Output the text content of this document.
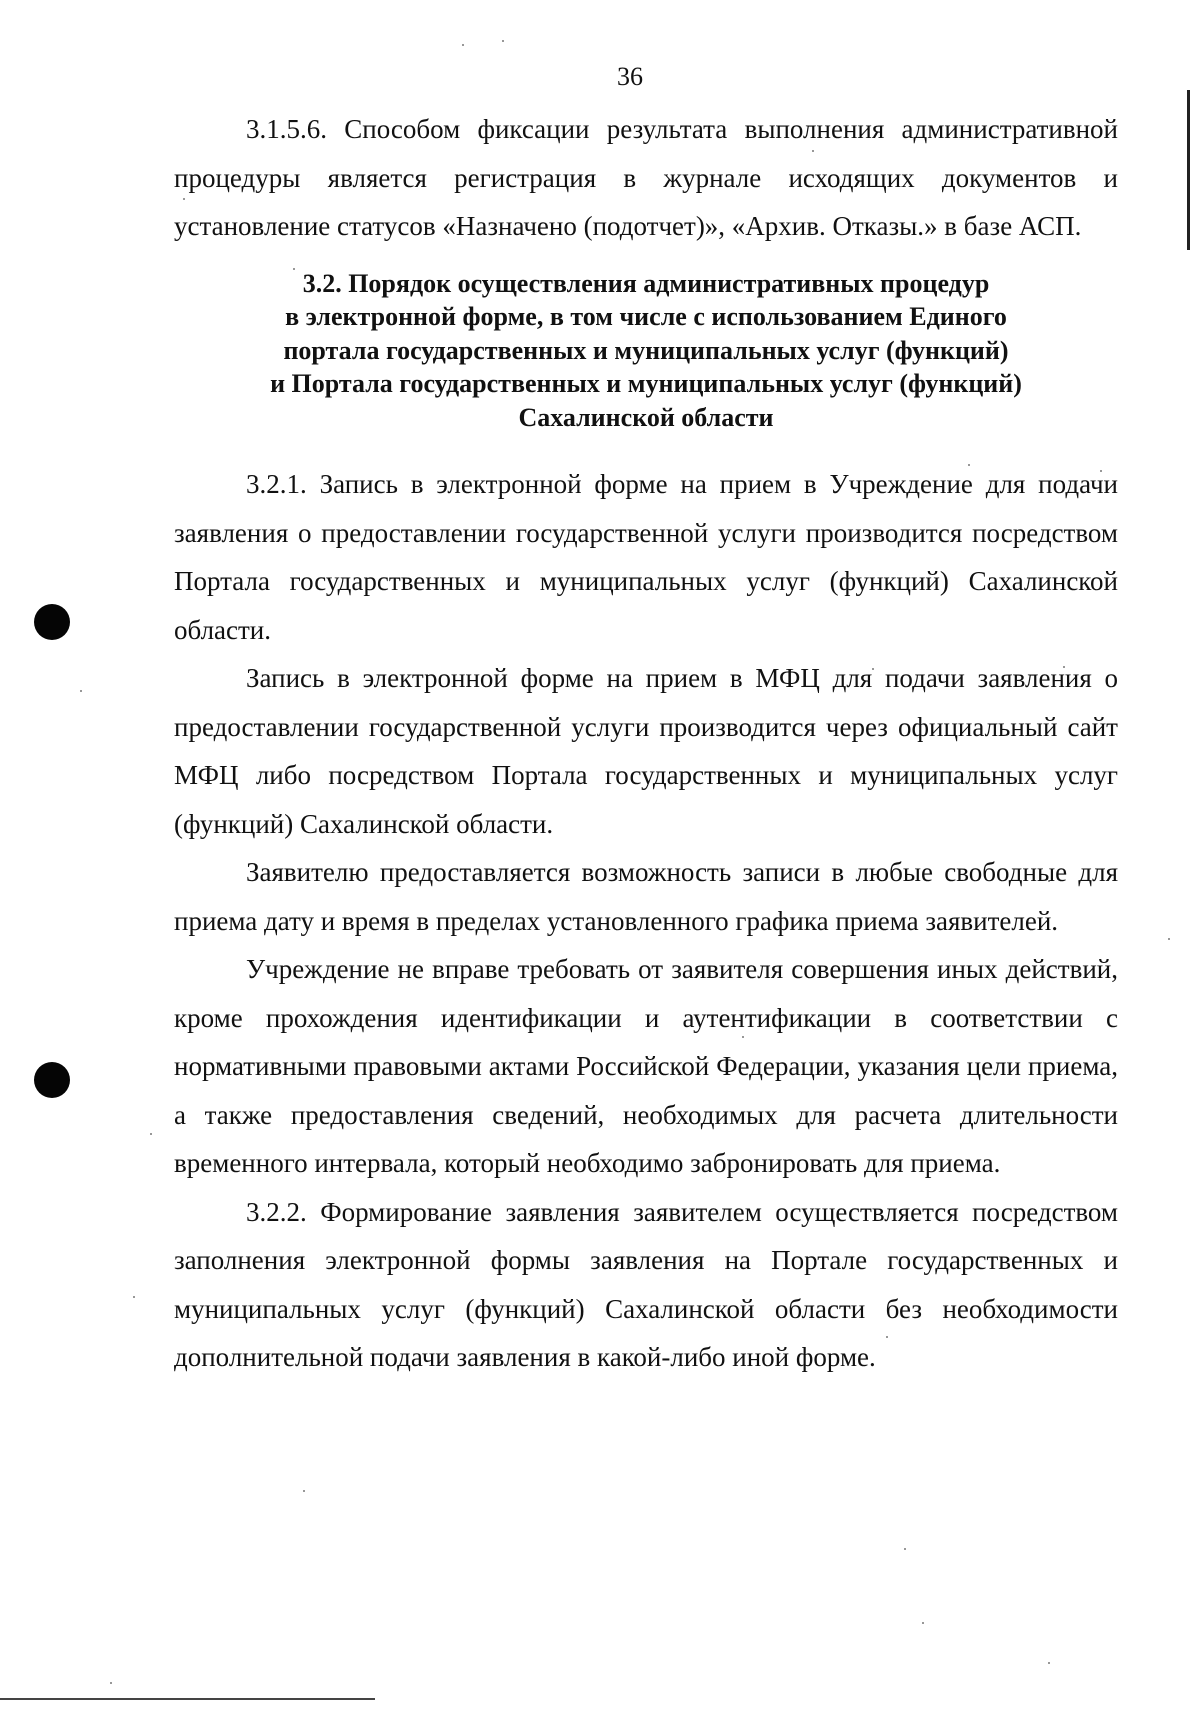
36

3.1.5.6. Способом фиксации результата выполнения административной процедуры является регистрация в журнале исходящих документов и установление статусов «Назначено (подотчет)», «Архив. Отказы.» в базе АСП.

3.2. Порядок осуществления административных процедур
в электронной форме, в том числе с использованием Единого
портала государственных и муниципальных услуг (функций)
и Портала государственных и муниципальных услуг (функций)
Сахалинской области

3.2.1. Запись в электронной форме на прием в Учреждение для подачи заявления о предоставлении государственной услуги производится посредством Портала государственных и муниципальных услуг (функций) Сахалинской области.

Запись в электронной форме на прием в МФЦ для подачи заявления о предоставлении государственной услуги производится через официальный сайт МФЦ либо посредством Портала государственных и муниципальных услуг (функций) Сахалинской области.

Заявителю предоставляется возможность записи в любые свободные для приема дату и время в пределах установленного графика приема заявителей.

Учреждение не вправе требовать от заявителя совершения иных действий, кроме прохождения идентификации и аутентификации в соответствии с нормативными правовыми актами Российской Федерации, указания цели приема, а также предоставления сведений, необходимых для расчета длительности временного интервала, который необходимо забронировать для приема.

3.2.2. Формирование заявления заявителем осуществляется посредством заполнения электронной формы заявления на Портале государственных и муниципальных услуг (функций) Сахалинской области без необходимости дополнительной подачи заявления в какой-либо иной форме.
